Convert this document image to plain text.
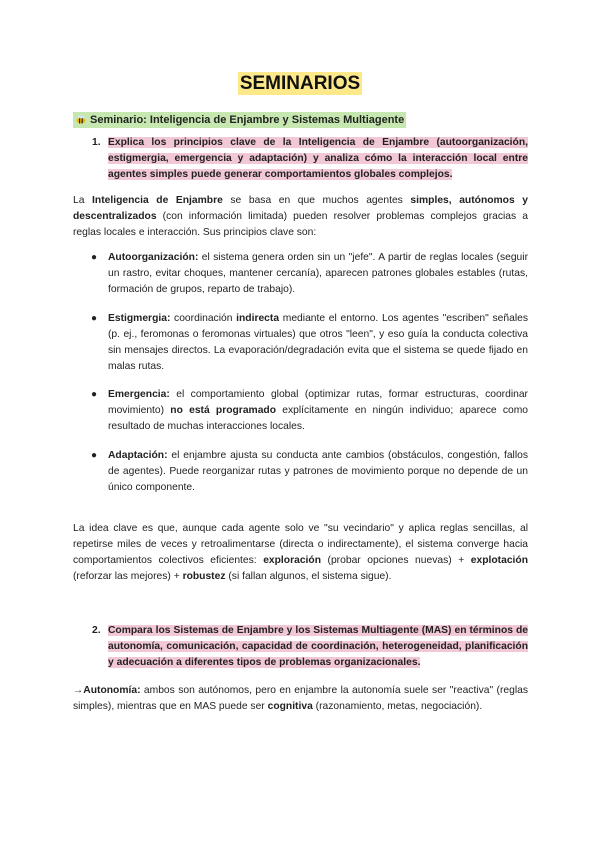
SEMINARIOS
Seminario: Inteligencia de Enjambre y Sistemas Multiagente
1. Explica los principios clave de la Inteligencia de Enjambre (autoorganización, estigmergia, emergencia y adaptación) y analiza cómo la interacción local entre agentes simples puede generar comportamientos globales complejos.
La Inteligencia de Enjambre se basa en que muchos agentes simples, autónomos y descentralizados (con información limitada) pueden resolver problemas complejos gracias a reglas locales e interacción. Sus principios clave son:
● Autoorganización: el sistema genera orden sin un "jefe". A partir de reglas locales (seguir un rastro, evitar choques, mantener cercanía), aparecen patrones globales estables (rutas, formación de grupos, reparto de trabajo).
● Estigmergia: coordinación indirecta mediante el entorno. Los agentes "escriben" señales (p. ej., feromonas o feromonas virtuales) que otros "leen", y eso guía la conducta colectiva sin mensajes directos. La evaporación/degradación evita que el sistema se quede fijado en malas rutas.
● Emergencia: el comportamiento global (optimizar rutas, formar estructuras, coordinar movimiento) no está programado explícitamente en ningún individuo; aparece como resultado de muchas interacciones locales.
● Adaptación: el enjambre ajusta su conducta ante cambios (obstáculos, congestión, fallos de agentes). Puede reorganizar rutas y patrones de movimiento porque no depende de un único componente.
La idea clave es que, aunque cada agente solo ve "su vecindario" y aplica reglas sencillas, al repetirse miles de veces y retroalimentarse (directa o indirectamente), el sistema converge hacia comportamientos colectivos eficientes: exploración (probar opciones nuevas) + explotación (reforzar las mejores) + robustez (si fallan algunos, el sistema sigue).
2. Compara los Sistemas de Enjambre y los Sistemas Multiagente (MAS) en términos de autonomía, comunicación, capacidad de coordinación, heterogeneidad, planificación y adecuación a diferentes tipos de problemas organizacionales.
→Autonomía: ambos son autónomos, pero en enjambre la autonomía suele ser "reactiva" (reglas simples), mientras que en MAS puede ser cognitiva (razonamiento, metas, negociación).
